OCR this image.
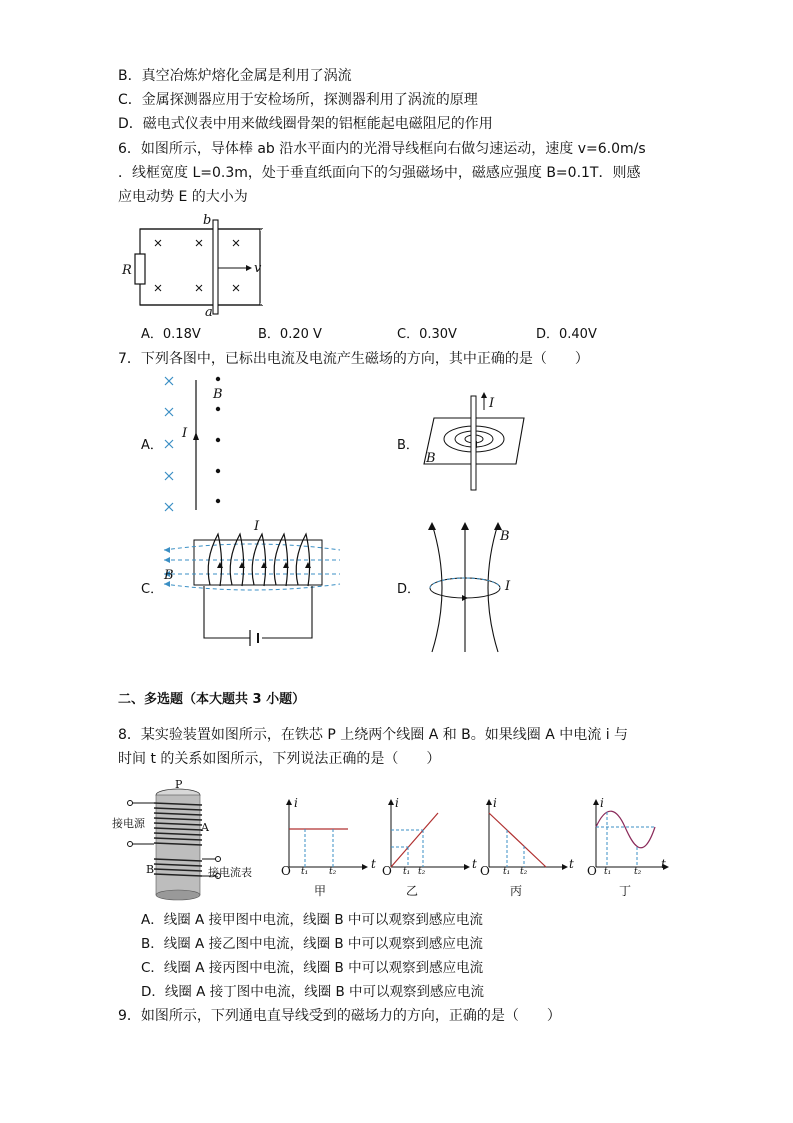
B．真空冶炼炉熔化金属是利用了涡流
C．金属探测器应用于安检场所，探测器利用了涡流的原理
D．磁电式仪表中用来做线圈骨架的铝框能起电磁阻尼的作用
6．如图所示，导体棒 ab 沿水平面内的光滑导线框向右做匀速运动，速度 v=6.0m/s
．线框宽度 L=0.3m，处于垂直纸面向下的匀强磁场中，磁感应强度 B=0.1T．则感
应电动势 E 的大小为
b
a
R	v
A．0.18V	B．0.20 V	C．0.30V	D．0.40V
7．下列各图中，已标出电流及电流产生磁场的方向，其中正确的是（　　）
A．
B
I
B．
I
B
C．
I
B
D．
B
I
二、多选题（本大题共 3 小题）
8．某实验装置如图所示，在铁芯 P 上绕两个线圈 A 和 B。如果线圈 A 中电流 i 与
时间 t 的关系如图所示，下列说法正确的是（　　）
P
A
B
接电源
接电流表
i
t
O t₁ t₂
甲
i
t
O t₁ t₂
乙
i
t
O t₁ t₂
丙
i
t
O t₁	t₂
丁
A．线圈 A 接甲图中电流，线圈 B 中可以观察到感应电流
B．线圈 A 接乙图中电流，线圈 B 中可以观察到感应电流
C．线圈 A 接丙图中电流，线圈 B 中可以观察到感应电流
D．线圈 A 接丁图中电流，线圈 B 中可以观察到感应电流
9．如图所示，下列通电直导线受到的磁场力的方向，正确的是（　　）
